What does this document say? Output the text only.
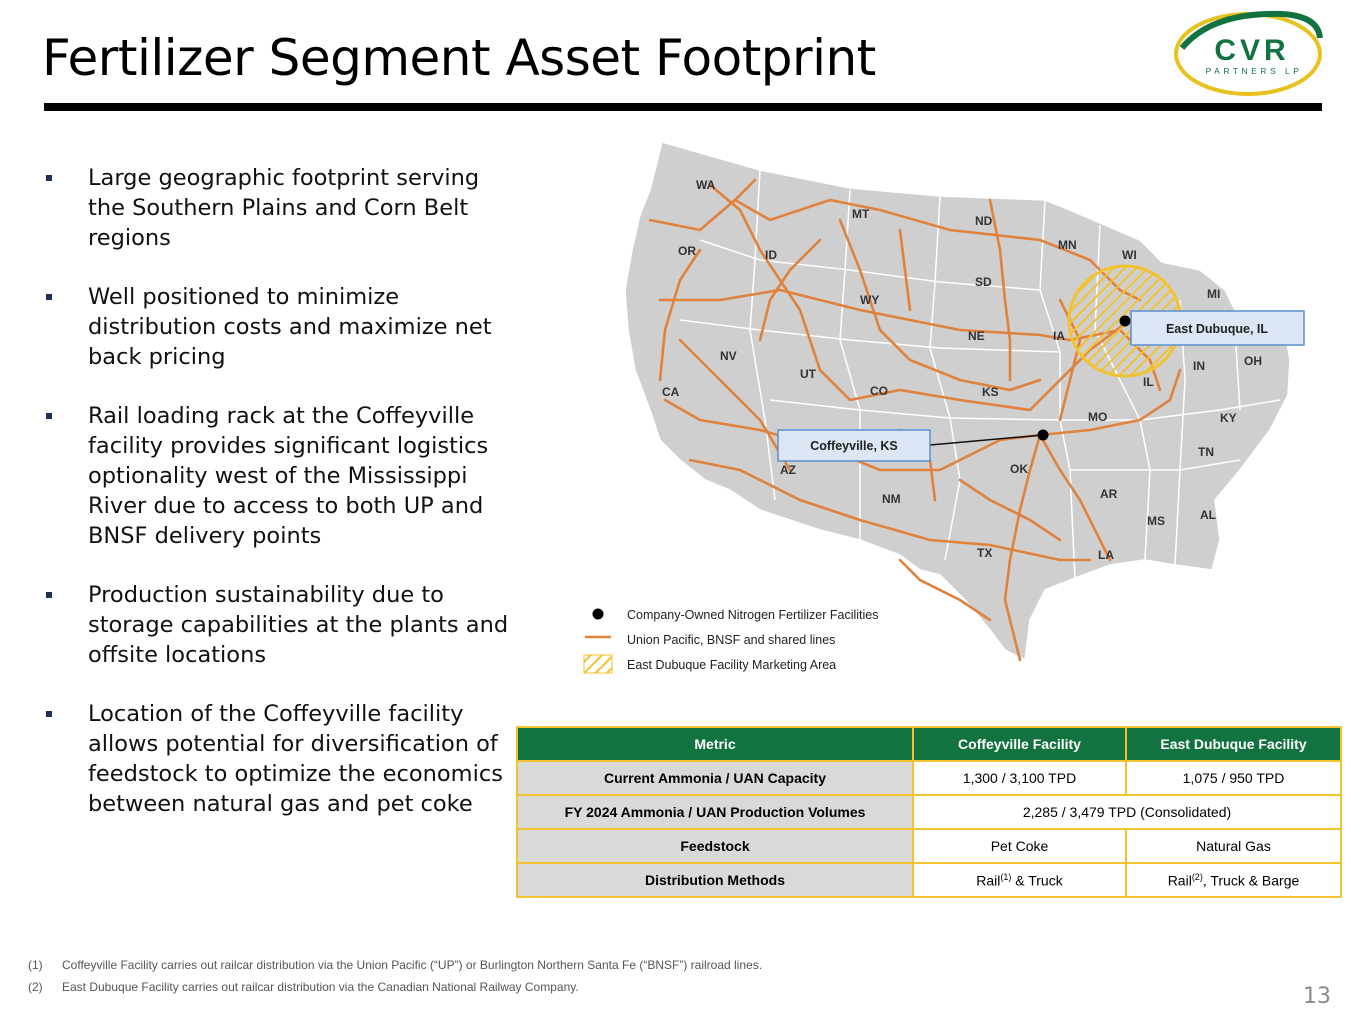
Fertilizer Segment Asset Footprint	CVR
PARTNERS LP
Large geographic footprint serving the Southern Plains and Corn Belt regions
Well positioned to minimize distribution costs and maximize net back pricing
Rail loading rack at the Coffeyville facility provides significant logistics optionality west of the Mississippi River due to access to both UP and BNSF delivery points
Production sustainability due to storage capabilities at the plants and offsite locations
Location of the Coffeyville facility allows potential for diversification of feedstock to optimize the economics between natural gas and pet coke
WA
OR
CA
ID
NV
MT
WY
UT
AZ
CO
NM
ND
SD
NE
KS
OK
TX
MN
IA
MO
AR
LA
WI
IL
MS
MI
IN
KY
TN
AL
OH
East Dubuque, IL
Coffeyville, KS
Company-Owned Nitrogen Fertilizer Facilities
Union Pacific, BNSF and shared lines
East Dubuque Facility Marketing Area
Metric	Coffeyville Facility	East Dubuque Facility
Current Ammonia / UAN Capacity	1,300 / 3,100 TPD	1,075 / 950 TPD
FY 2024 Ammonia / UAN Production Volumes	2,285 / 3,479 TPD (Consolidated)	
Feedstock	Pet Coke	Natural Gas
Distribution Methods	Rail$^{(1)}$ & Truck	Rail$^{(2)}$, Truck & Barge
(1)	Coffeyville Facility carries out railcar distribution via the Union Pacific (“UP”) or Burlington Northern Santa Fe (“BNSF”) railroad lines.
(2)	East Dubuque Facility carries out railcar distribution via the Canadian National Railway Company.	13
